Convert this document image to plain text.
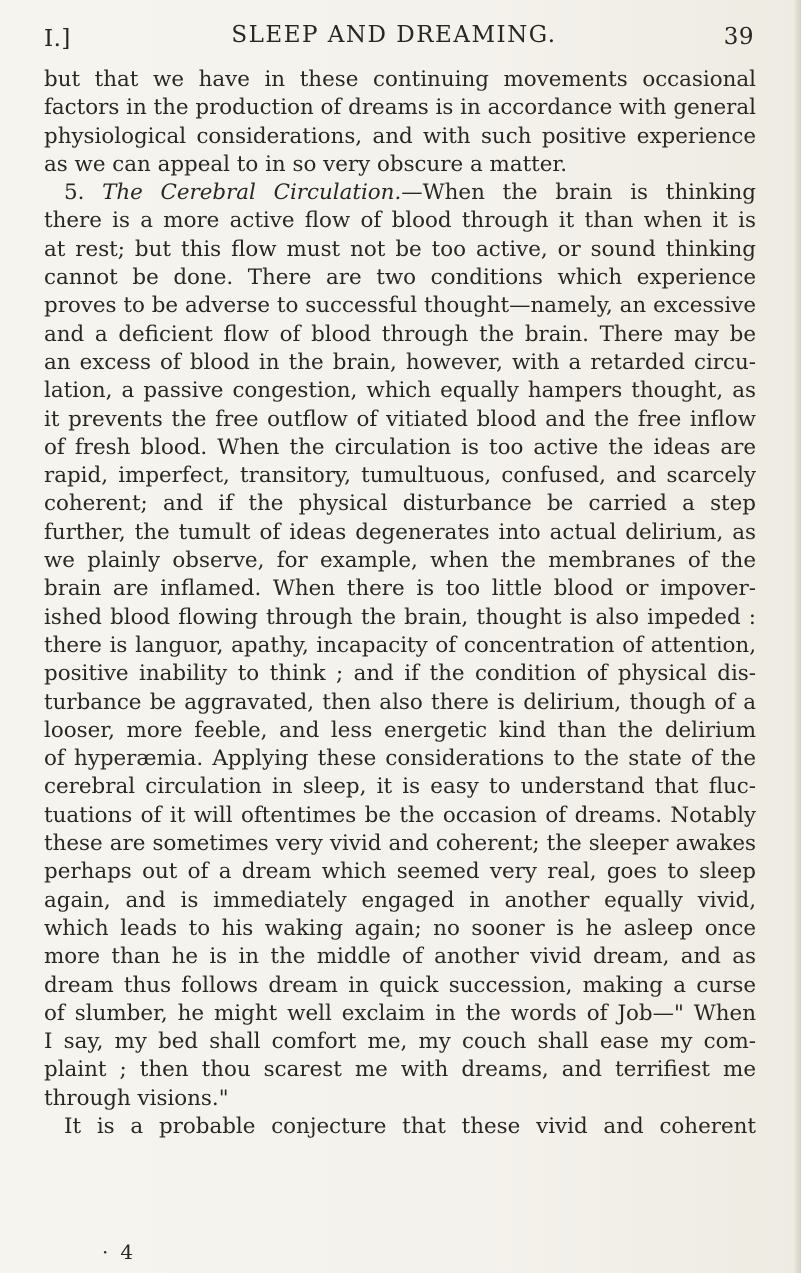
I.]	SLEEP AND DREAMING.	39
but that we have in these continuing movements occasional
factors in the production of dreams is in accordance with general
physiological considerations, and with such positive experience
as we can appeal to in so very obscure a matter.
5. The Cerebral Circulation.—When the brain is thinking
there is a more active flow of blood through it than when it is
at rest; but this flow must not be too active, or sound thinking
cannot be done. There are two conditions which experience
proves to be adverse to successful thought—namely, an excessive
and a deficient flow of blood through the brain. There may be
an excess of blood in the brain, however, with a retarded circu-
lation, a passive congestion, which equally hampers thought, as
it prevents the free outflow of vitiated blood and the free inflow
of fresh blood. When the circulation is too active the ideas are
rapid, imperfect, transitory, tumultuous, confused, and scarcely
coherent; and if the physical disturbance be carried a step
further, the tumult of ideas degenerates into actual delirium, as
we plainly observe, for example, when the membranes of the
brain are inflamed. When there is too little blood or impover-
ished blood flowing through the brain, thought is also impeded :
there is languor, apathy, incapacity of concentration of attention,
positive inability to think ; and if the condition of physical dis-
turbance be aggravated, then also there is delirium, though of a
looser, more feeble, and less energetic kind than the delirium
of hyperæmia. Applying these considerations to the state of the
cerebral circulation in sleep, it is easy to understand that fluc-
tuations of it will oftentimes be the occasion of dreams. Notably
these are sometimes very vivid and coherent; the sleeper awakes
perhaps out of a dream which seemed very real, goes to sleep
again, and is immediately engaged in another equally vivid,
which leads to his waking again; no sooner is he asleep once
more than he is in the middle of another vivid dream, and as
dream thus follows dream in quick succession, making a curse
of slumber, he might well exclaim in the words of Job—" When
I say, my bed shall comfort me, my couch shall ease my com-
plaint ; then thou scarest me with dreams, and terrifiest me
through visions."
It is a probable conjecture that these vivid and coherent
· 4
